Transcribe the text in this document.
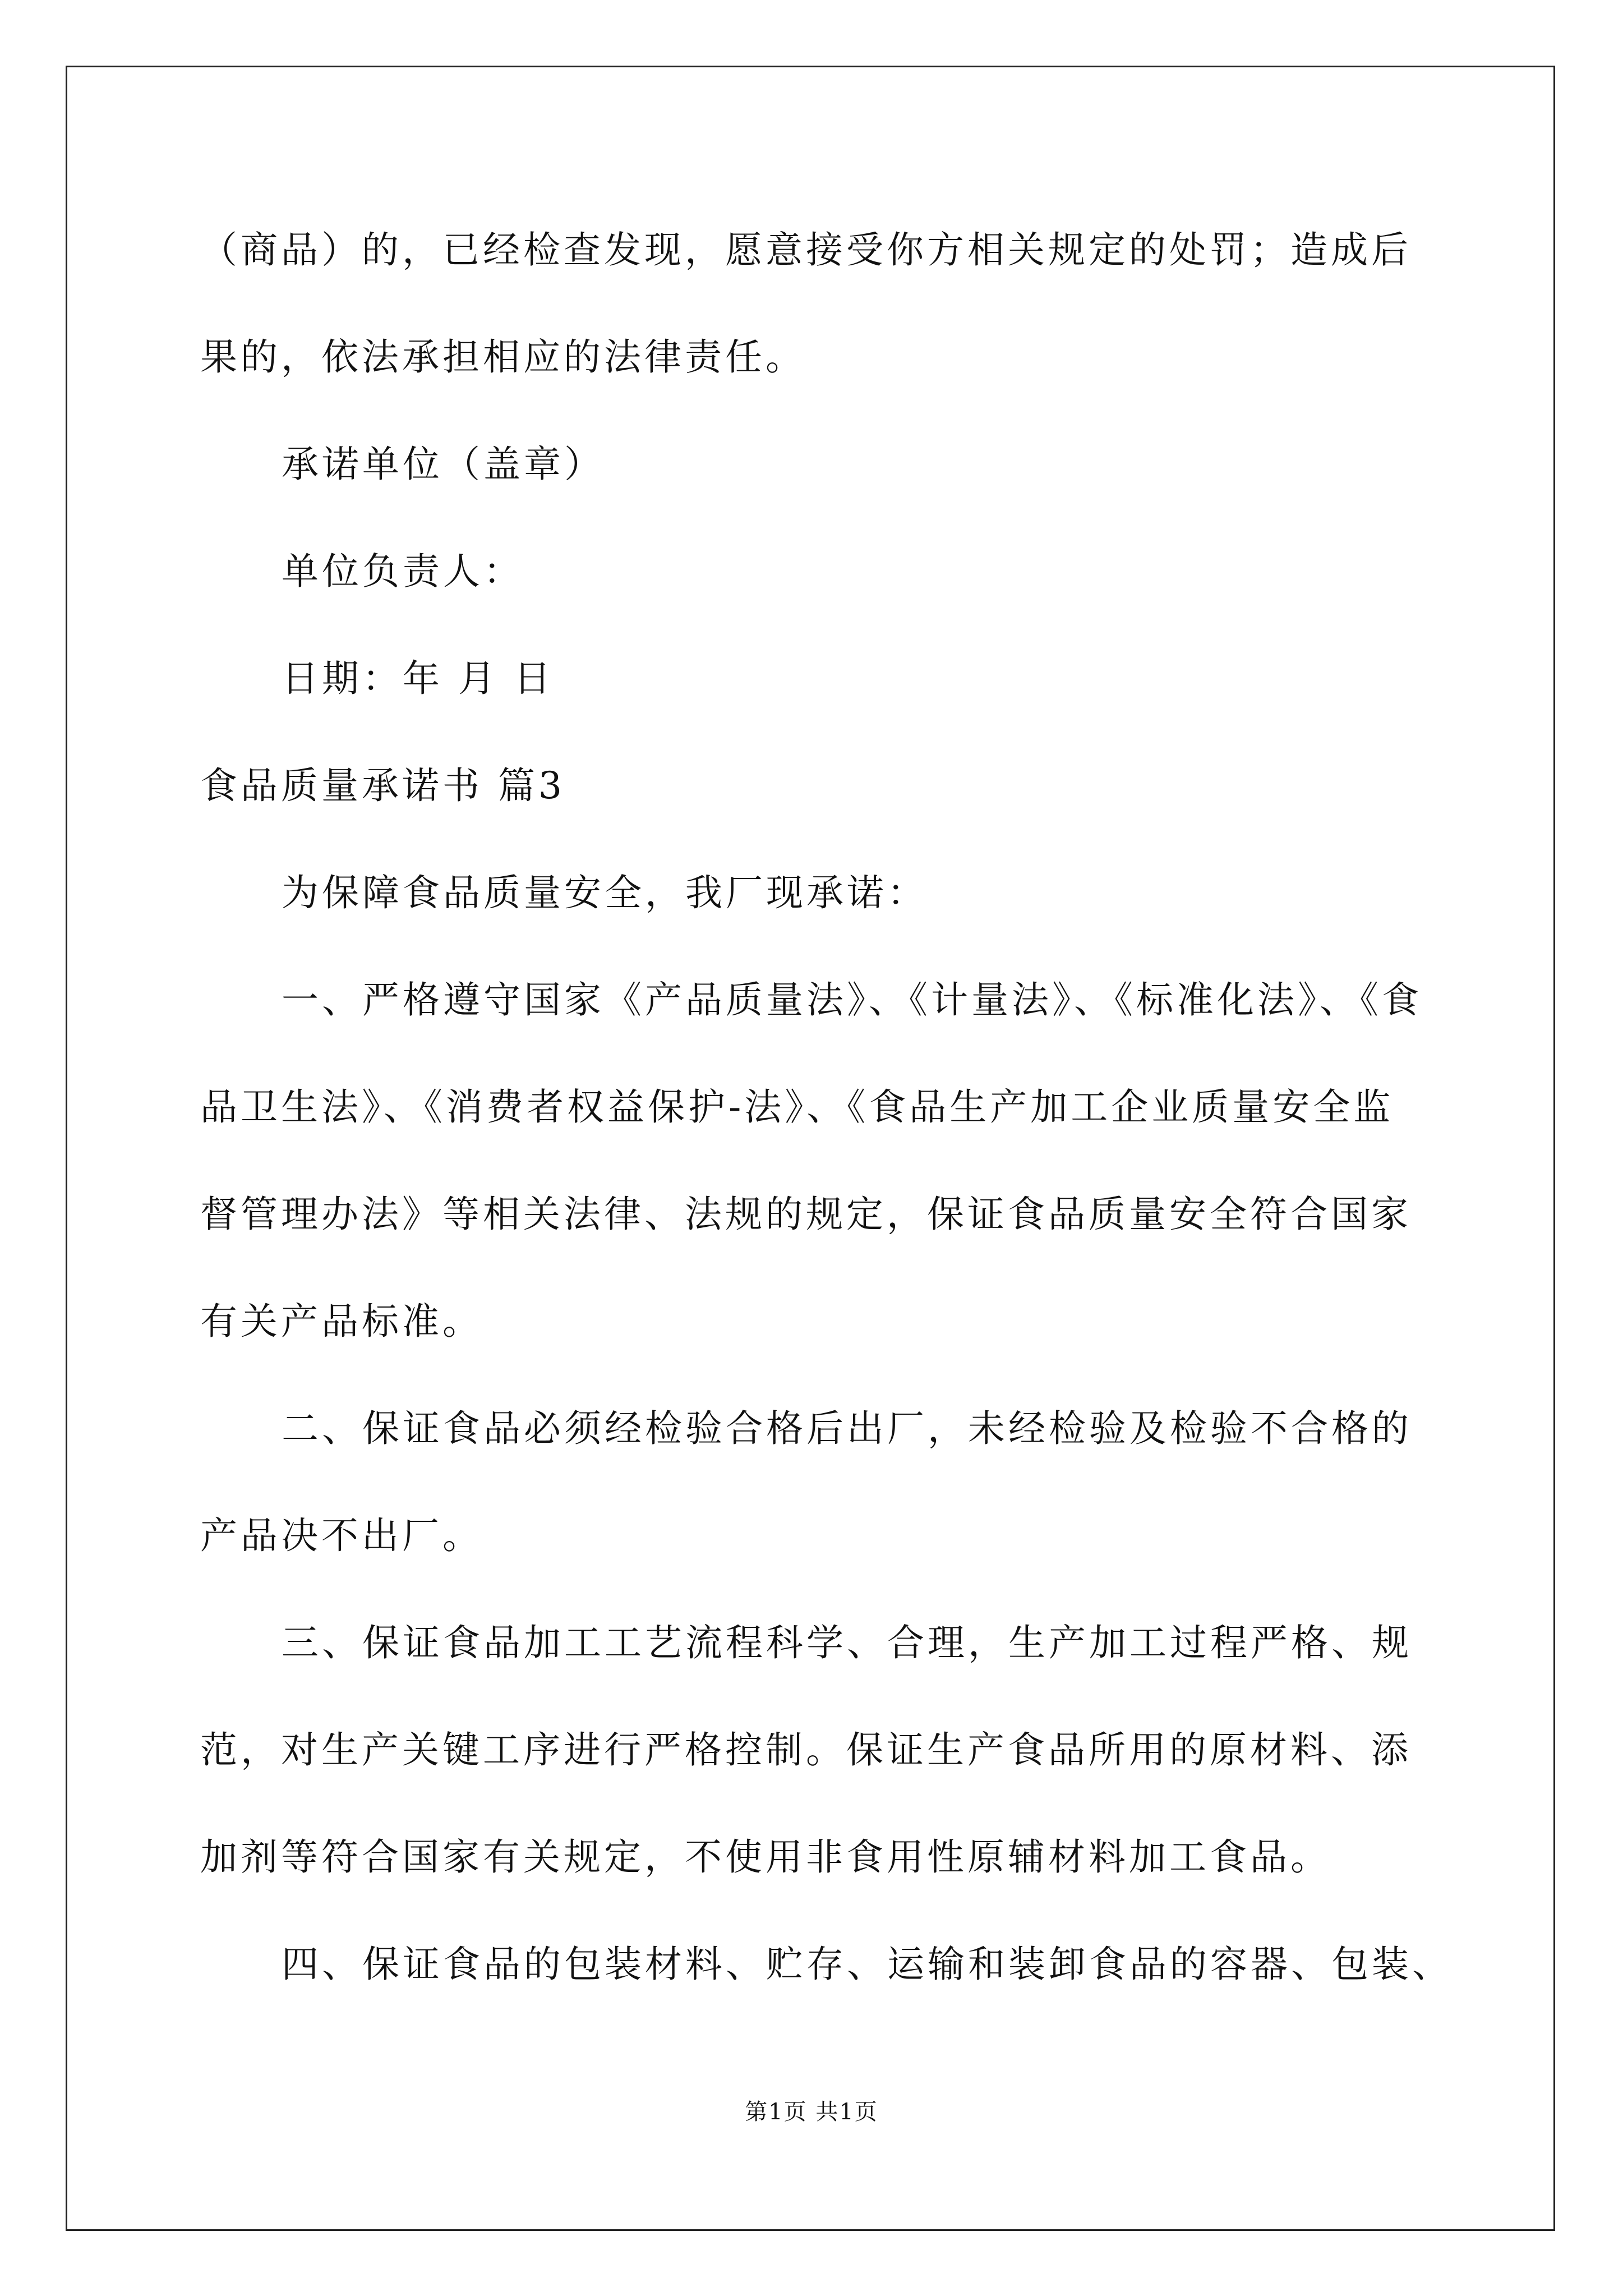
（商品）的，已经检查发现，愿意接受你方相关规定的处罚；造成后
果的，依法承担相应的法律责任。
承诺单位（盖章）
单位负责人：
日期：年 月 日
食品质量承诺书 篇3
为保障食品质量安全，我厂现承诺：
一、严格遵守国家《产品质量法》、《计量法》、《标准化法》、《食
品卫生法》、《消费者权益保护-法》、《食品生产加工企业质量安全监
督管理办法》等相关法律、法规的规定，保证食品质量安全符合国家
有关产品标准。
二、保证食品必须经检验合格后出厂，未经检验及检验不合格的
产品决不出厂。
三、保证食品加工工艺流程科学、合理，生产加工过程严格、规
范，对生产关键工序进行严格控制。保证生产食品所用的原材料、添
加剂等符合国家有关规定，不使用非食用性原辅材料加工食品。
四、保证食品的包装材料、贮存、运输和装卸食品的容器、包装、
第1页 共1页
